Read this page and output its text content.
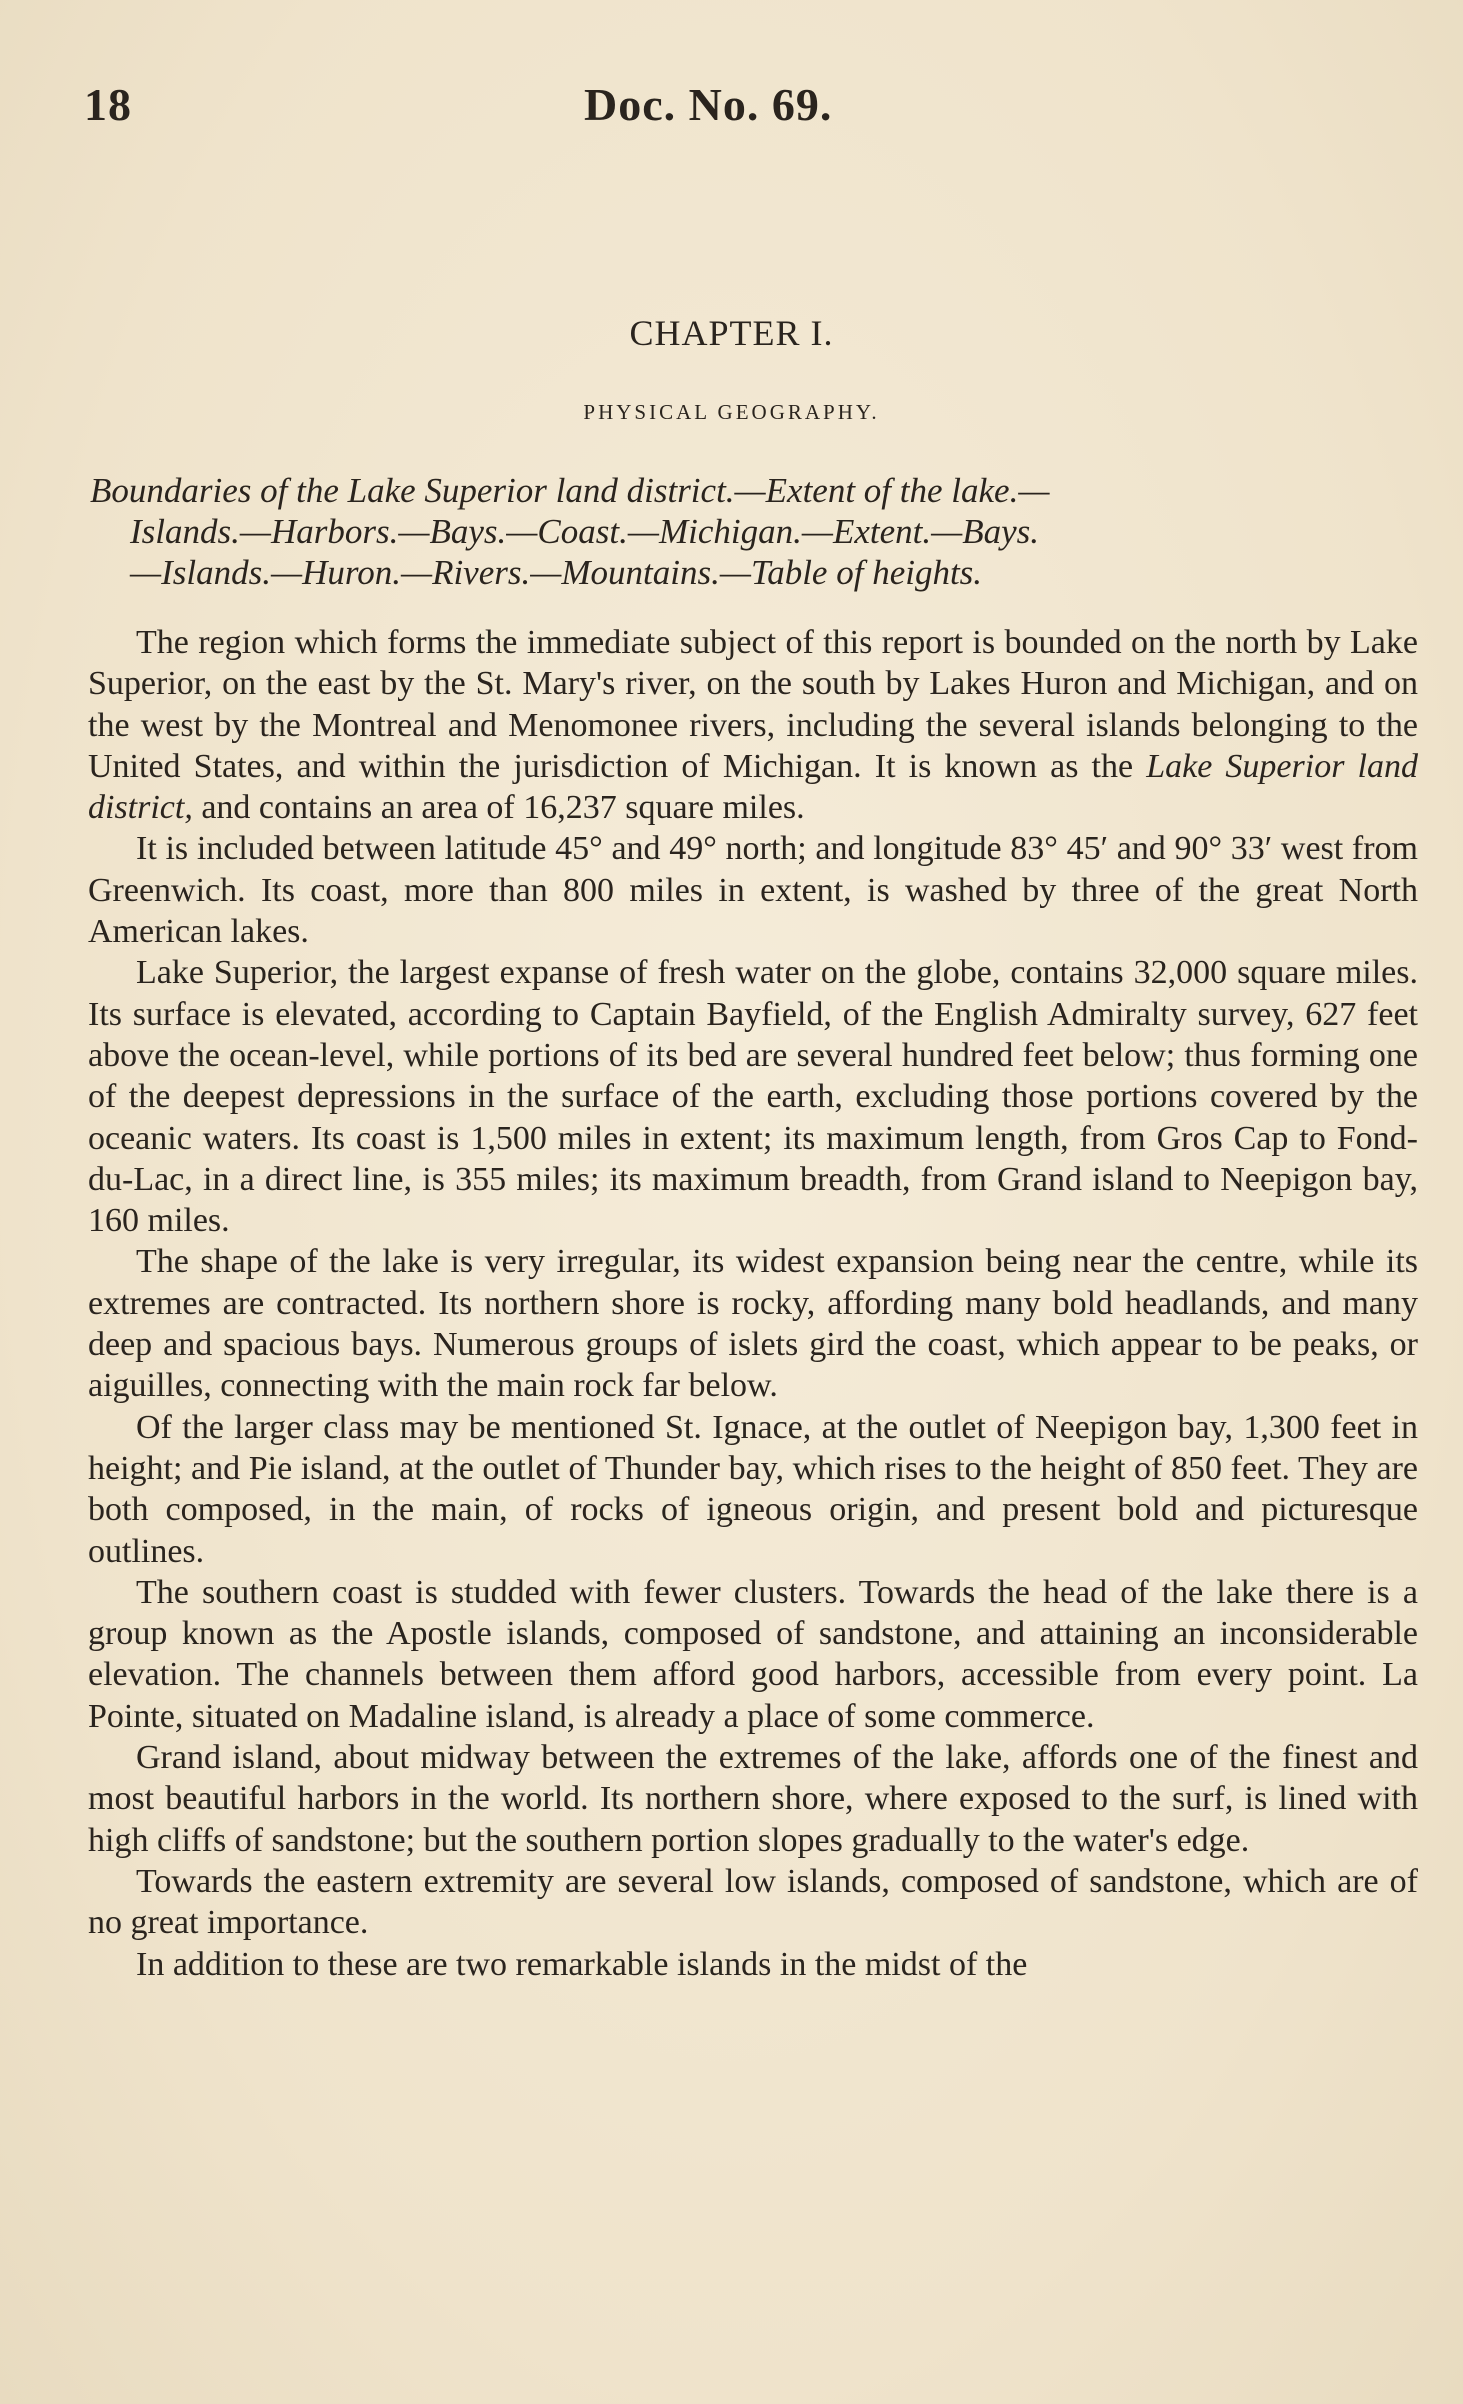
18	Doc. No. 69.
CHAPTER I.
PHYSICAL GEOGRAPHY.
Boundaries of the Lake Superior land district.—Extent of the lake.—
Islands.—Harbors.—Bays.—Coast.—Michigan.—Extent.—Bays.
—Islands.—Huron.—Rivers.—Mountains.—Table of heights.

The region which forms the immediate subject of this report is bounded on the north by Lake Superior, on the east by the St. Mary's river, on the south by Lakes Huron and Michigan, and on the west by the Montreal and Menomonee rivers, including the several islands belonging to the United States, and within the jurisdiction of Michigan. It is known as the Lake Superior land district, and contains an area of 16,237 square miles.

It is included between latitude 45° and 49° north; and longitude 83° 45′ and 90° 33′ west from Greenwich. Its coast, more than 800 miles in extent, is washed by three of the great North American lakes.

Lake Superior, the largest expanse of fresh water on the globe, contains 32,000 square miles. Its surface is elevated, according to Captain Bayfield, of the English Admiralty survey, 627 feet above the ocean-level, while portions of its bed are several hundred feet below; thus forming one of the deepest depressions in the surface of the earth, excluding those portions covered by the oceanic waters. Its coast is 1,500 miles in extent; its maximum length, from Gros Cap to Fond-du-Lac, in a direct line, is 355 miles; its maximum breadth, from Grand island to Neepigon bay, 160 miles.

The shape of the lake is very irregular, its widest expansion being near the centre, while its extremes are contracted. Its northern shore is rocky, affording many bold headlands, and many deep and spacious bays. Numerous groups of islets gird the coast, which appear to be peaks, or aiguilles, connecting with the main rock far below.

Of the larger class may be mentioned St. Ignace, at the outlet of Neepigon bay, 1,300 feet in height; and Pie island, at the outlet of Thunder bay, which rises to the height of 850 feet. They are both composed, in the main, of rocks of igneous origin, and present bold and picturesque outlines.

The southern coast is studded with fewer clusters. Towards the head of the lake there is a group known as the Apostle islands, composed of sandstone, and attaining an inconsiderable elevation. The channels between them afford good harbors, accessible from every point. La Pointe, situated on Madaline island, is already a place of some commerce.

Grand island, about midway between the extremes of the lake, affords one of the finest and most beautiful harbors in the world. Its northern shore, where exposed to the surf, is lined with high cliffs of sandstone; but the southern portion slopes gradually to the water's edge.

Towards the eastern extremity are several low islands, composed of sandstone, which are of no great importance.

In addition to these are two remarkable islands in the midst of the
